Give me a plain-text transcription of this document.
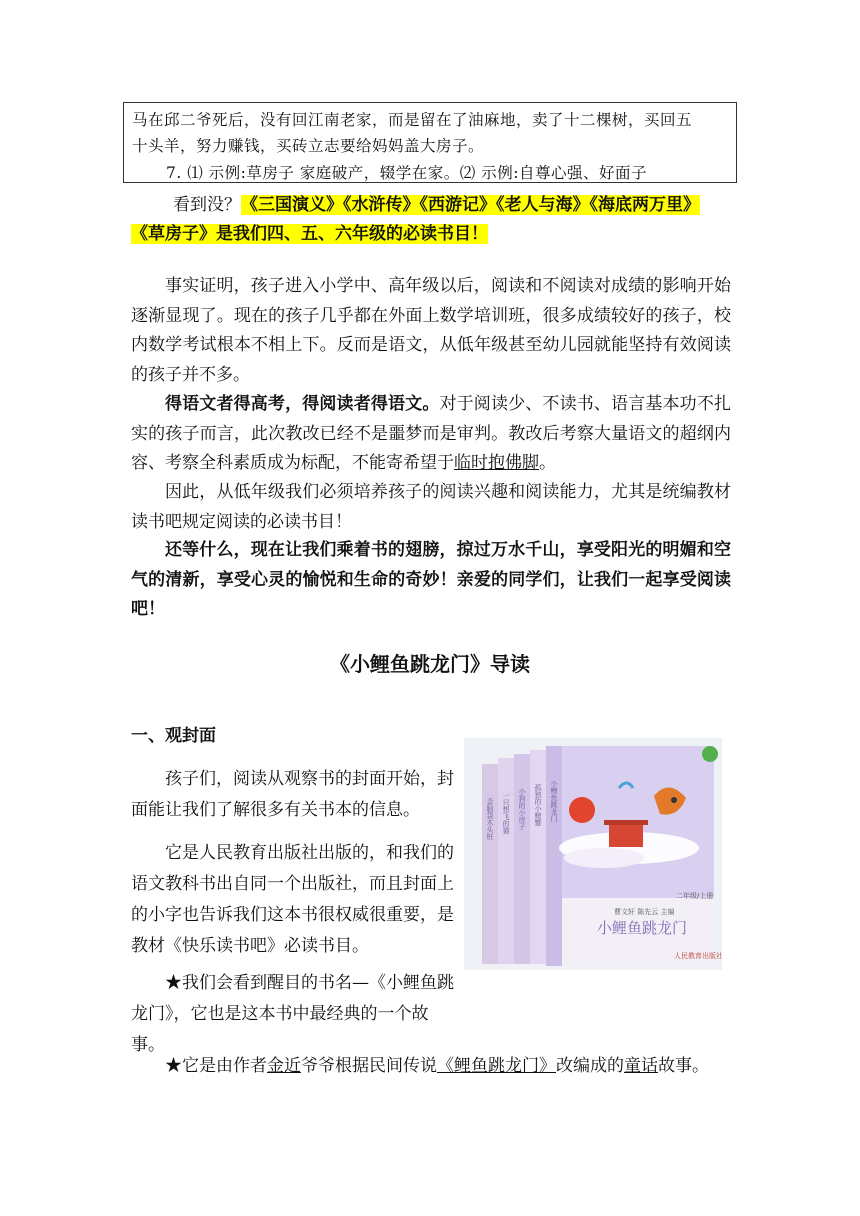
马在邱二爷死后，没有回江南老家，而是留在了油麻地，卖了十二棵树，买回五
十头羊，努力赚钱，买砖立志要给妈妈盖大房子。
7. ⑴ 示例:草房子 家庭破产，辍学在家。⑵ 示例:自尊心强、好面子
看到没？《三国演义》《水浒传》《西游记》《老人与海》《海底两万里》
《草房子》是我们四、五、六年级的必读书目！
事实证明，孩子进入小学中、高年级以后，阅读和不阅读对成绩的影响开始逐渐显现了。现在的孩子几乎都在外面上数学培训班，很多成绩较好的孩子，校内数学考试根本不相上下。反而是语文，从低年级甚至幼儿园就能坚持有效阅读的孩子并不多。
得语文者得高考，得阅读者得语文。对于阅读少、不读书、语言基本功不扎实的孩子而言，此次教改已经不是噩梦而是审判。教改后考察大量语文的超纲内容、考察全科素质成为标配，不能寄希望于临时抱佛脚。
因此，从低年级我们必须培养孩子的阅读兴趣和阅读能力，尤其是统编教材读书吧规定阅读的必读书目！
还等什么，现在让我们乘着书的翅膀，掠过万水千山，享受阳光的明媚和空气的清新，享受心灵的愉悦和生命的奇妙！亲爱的同学们，让我们一起享受阅读吧！
《小鲤鱼跳龙门》导读
一、观封面
孩子们，阅读从观察书的封面开始，封面能让我们了解很多有关书本的信息。
它是人民教育出版社出版的，和我们的语文教科书出自同一个出版社，而且封面上的小字也告诉我们这本书很权威很重要，是教材《快乐读书吧》必读书目。
★我们会看到醒目的书名—《小鲤鱼跳龙门》，它也是这本书中最经典的一个故事。
★它是由作者金近爷爷根据民间传说《鲤鱼跳龙门》改编成的童话故事。
小鲤鱼跳龙门
曹文轩 陈先云 主编
二年级/上册
人民教育出版社
歪脑袋木头桩 一只想飞的猫 小狗的小房子 孤独的小螃蟹 小鲤鱼跳龙门
